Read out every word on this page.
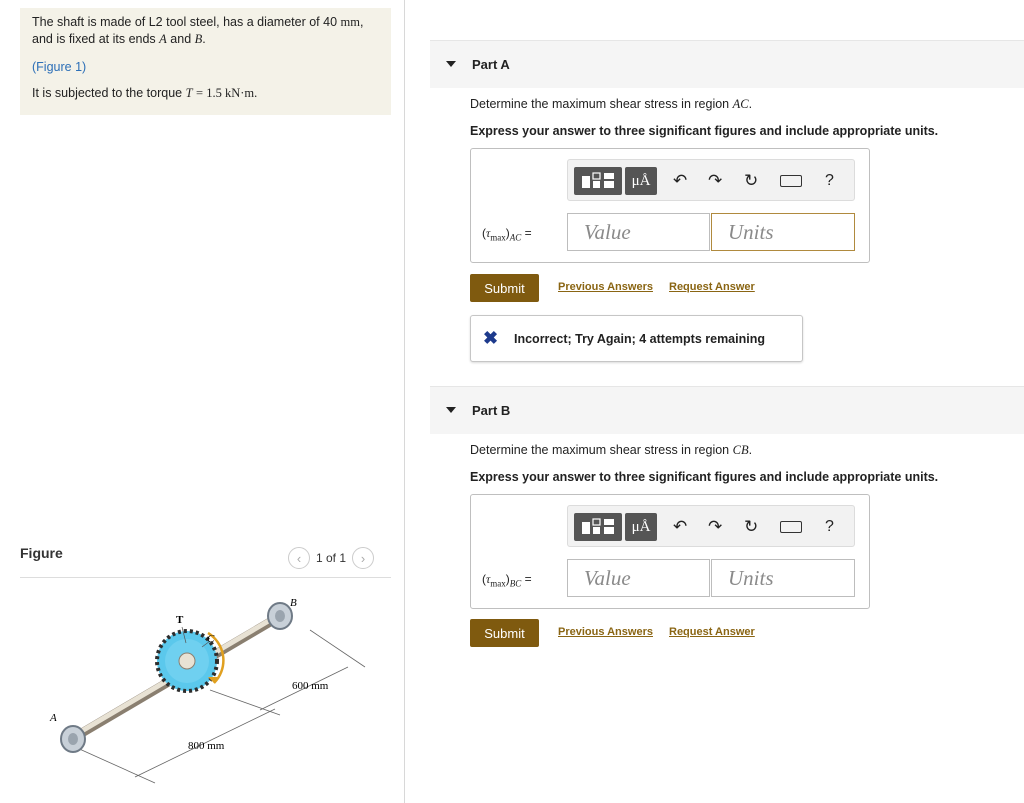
The shaft is made of L2 tool steel, has a diameter of 40 mm,
and is fixed at its ends A and B.
(Figure 1)
It is subjected to the torque T = 1.5 kN·m.
Figure	‹	1 of 1	›
A
B
C
T
600 mm
800 mm
Part A
Determine the maximum shear stress in region AC.
Express your answer to three significant figures and include appropriate units.
μÅ	↶ ↷ ↻	?
$(\tau_{max})_{AC}$ =	Value	Units
Submit	Previous Answers Request Answer
✖ Incorrect; Try Again; 4 attempts remaining
Part B
Determine the maximum shear stress in region CB.
Express your answer to three significant figures and include appropriate units.
μÅ	↶ ↷ ↻	?
$(\tau_{max})_{BC}$ =	Value	Units
Submit	Previous Answers Request Answer
